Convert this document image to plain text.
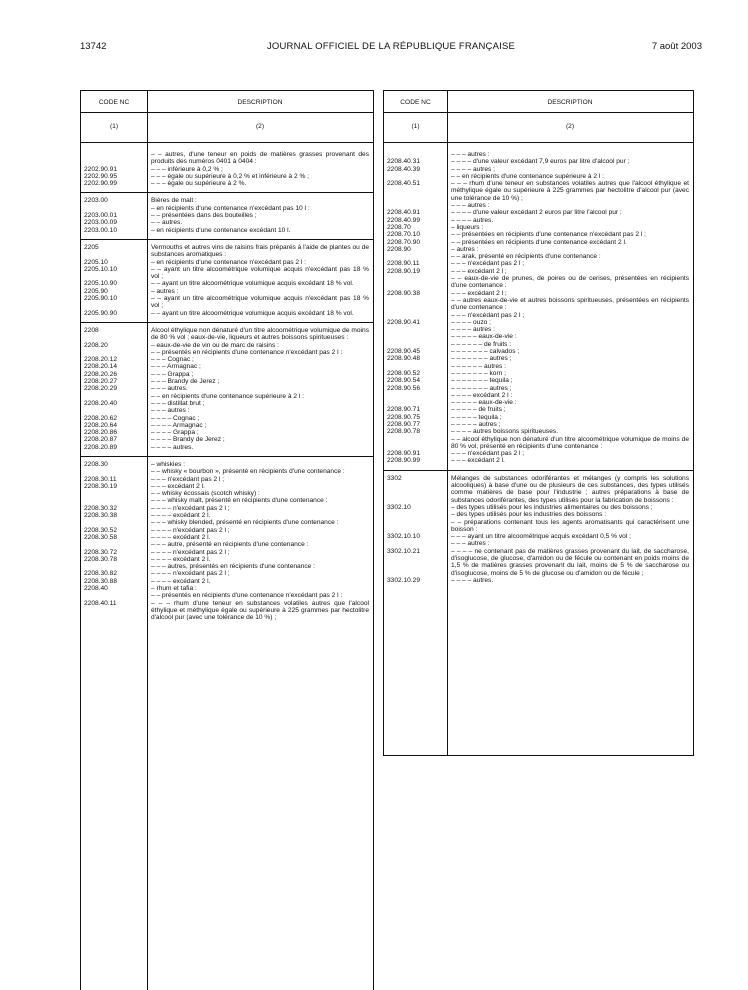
13742	JOURNAL OFFICIEL DE LA RÉPUBLIQUE FRANÇAISE	7 août 2003
CODE NC	DESCRIPTION
(1)	(2)
– – autres, d'une teneur en poids de matières grasses provenant des produits des numéros 0401 à 0404 :
2202.90.91	– – – inférieure à 0,2 % ;
2202.90.95	– – – égale ou supérieure à 0,2 % et inférieure à 2 % ;
2202.90.99	– – – égale ou supérieure à 2 %.
2203.00	Bières de malt :
– en récipients d'une contenance n'excédant pas 10 l :
2203.00.01	– – présentées dans des bouteilles ;
2203.00.09	– – autres.
2203.00.10	– en récipients d'une contenance excédant 10 l.
2205	Vermouths et autres vins de raisins frais préparés à l'aide de plantes ou de substances aromatiques :
2205.10	– en récipients d'une contenance n'excédant pas 2 l :
2205.10.10	– – ayant un titre alcoométrique volumique acquis n'excédant pas 18 % vol ;
2205.10.90	– – ayant un titre alcoométrique volumique acquis excédant 18 % vol.
2205.90	– autres :
2205.90.10	– – ayant un titre alcoométrique volumique acquis n'excédant pas 18 % vol ;
2205.90.90	– – ayant un titre alcoométrique volumique acquis excédant 18 % vol.
2208	Alcool éthylique non dénaturé d'un titre alcoométrique volumique de moins de 80 % vol ; eaux-de-vie, liqueurs et autres boissons spiritueuses :
2208.20	– eaux-de-vie de vin ou de marc de raisins :
– – présentés en récipients d'une contenance n'excédant pas 2 l :
2208.20.12	– – – Cognac ;
2208.20.14	– – – Armagnac ;
2208.20.26	– – – Grappa ;
2208.20.27	– – – Brandy de Jerez ;
2208.20.29	– – – autres.
– – en récipients d'une contenance supérieure à 2 l :
2208.20.40	– – – distillat brut ;
– – – autres :
2208.20.62	– – – – Cognac ;
2208.20.64	– – – – Armagnac ;
2208.20.86	– – – – Grappa ;
2208.20.87	– – – – Brandy de Jerez ;
2208.20.89	– – – – autres.
2208.30	– whiskies :
– – whisky « bourbon », présenté en récipients d'une contenance :
2208.30.11	– – – n'excédant pas 2 l ;
2208.30.19	– – – excédant 2 l.
– – whisky écossais (scotch whisky) :
– – – whisky malt, présenté en récipients d'une contenance :
2208.30.32	– – – – n'excédant pas 2 l ;
2208.30.38	– – – – excédant 2 l.
– – – whisky blended, présenté en récipients d'une contenance :
2208.30.52	– – – – n'excédant pas 2 l ;
2208.30.58	– – – – excédant 2 l.
– – – autre, présenté en récipients d'une contenance :
2208.30.72	– – – – n'excédant pas 2 l ;
2208.30.78	– – – – excédant 2 l.
– – – autres, présentés en récipients d'une contenance :
2208.30.82	– – – – n'excédant pas 2 l ;
2208.30.88	– – – – excédant 2 l.
2208.40	– rhum et tafia :
– – présentés en récipients d'une contenance n'excédant pas 2 l :
2208.40.11	– – – rhum d'une teneur en substances volatiles autres que l'alcool éthylique et méthylique égale ou supérieure à 225 grammes par hectolitre d'alcool pur (avec une tolérance de 10 %) ;
CODE NC	DESCRIPTION
(1)	(2)
– – – autres :
2208.40.31	– – – – d'une valeur excédant 7,9 euros par litre d'alcool pur ;
2208.40.39	– – – – autres ;
– – en récipients d'une contenance supérieure à 2 l :
2208.40.51	– – – rhum d'une teneur en substances volatiles autres que l'alcool éthylique et méthylique égale ou supérieure à 225 grammes par hectolitre d'alcool pur (avec une tolérance de 10 %) ;
– – – autres :
2208.40.91	– – – – d'une valeur excédant 2 euros par litre l'alcool pur ;
2208.40.99	– – – – autres.
2208.70	– liqueurs :
2208.70.10	– – présentées en récipients d'une contenance n'excédant pas 2 l ;
2208.70.90	– – présentées en récipients d'une contenance excédant 2 l.
2208.90	– autres :
– – arak, présenté en récipients d'une contenance :
2208.90.11	– – – n'excédant pas 2 l ;
2208.90.19	– – – excédant 2 l ;
– – eaux-de-vie de prunes, de poires ou de cerises, présentées en récipients d'une contenance :
2208.90.38	– – – excédant 2 l ;
– – autres eaux-de-vie et autres boissons spiritueuses, présentées en récipients d'une contenance :
– – – n'excédant pas 2 l ;
2208.90.41	– – – – ouzo ;
– – – – autres :
– – – – – eaux-de-vie :
– – – – – – de fruits :
2208.90.45	– – – – – – – calvados ;
2208.90.48	– – – – – – – autres ;
– – – – – – autres :
2208.90.52	– – – – – – – korn ;
2208.90.54	– – – – – – – tequila ;
2208.90.56	– – – – – – – autres ;
– – – – excédant 2 l :
– – – – – eaux-de-vie :
2208.90.71	– – – – – de fruits ;
2208.90.75	– – – – – tequila ;
2208.90.77	– – – – – autres ;
2208.90.78	– – – – autres boissons spiritueuses.
– – alcool éthylique non dénaturé d'un titre alcoométrique volumique de moins de 80 % vol, présenté en récipients d'une contenance :
2208.90.91	– – – n'excédant pas 2 l ;
2208.90.99	– – – excédant 2 l.
3302	Mélanges de substances odoriférantes et mélanges (y compris les solutions alcooliques) à base d'une ou de plusieurs de ces substances, des types utilisés comme matières de base pour l'industrie ; autres préparations à base de substances odoriférantes, des types utilisés pour la fabrication de boissons :
3302.10	– des types utilisés pour les industries alimentaires ou des boissons ;
– des types utilisés pour les industries des boissons :
– – préparations contenant tous les agents aromatisants qui caractérisent une boisson :
3302.10.10	– – – ayant un titre alcoométrique acquis excédant 0,5 % vol ;
– – – autres :
3302.10.21	– – – – ne contenant pas de matières grasses provenant du lait, de saccharose, d'isoglucose, de glucose, d'amidon ou de fécule ou contenant en poids moins de 1,5 % de matières grasses provenant du lait, moins de 5 % de saccharose ou d'isoglucose, moins de 5 % de glucose ou d'amidon ou de fécule ;
3302.10.29	– – – – autres.
